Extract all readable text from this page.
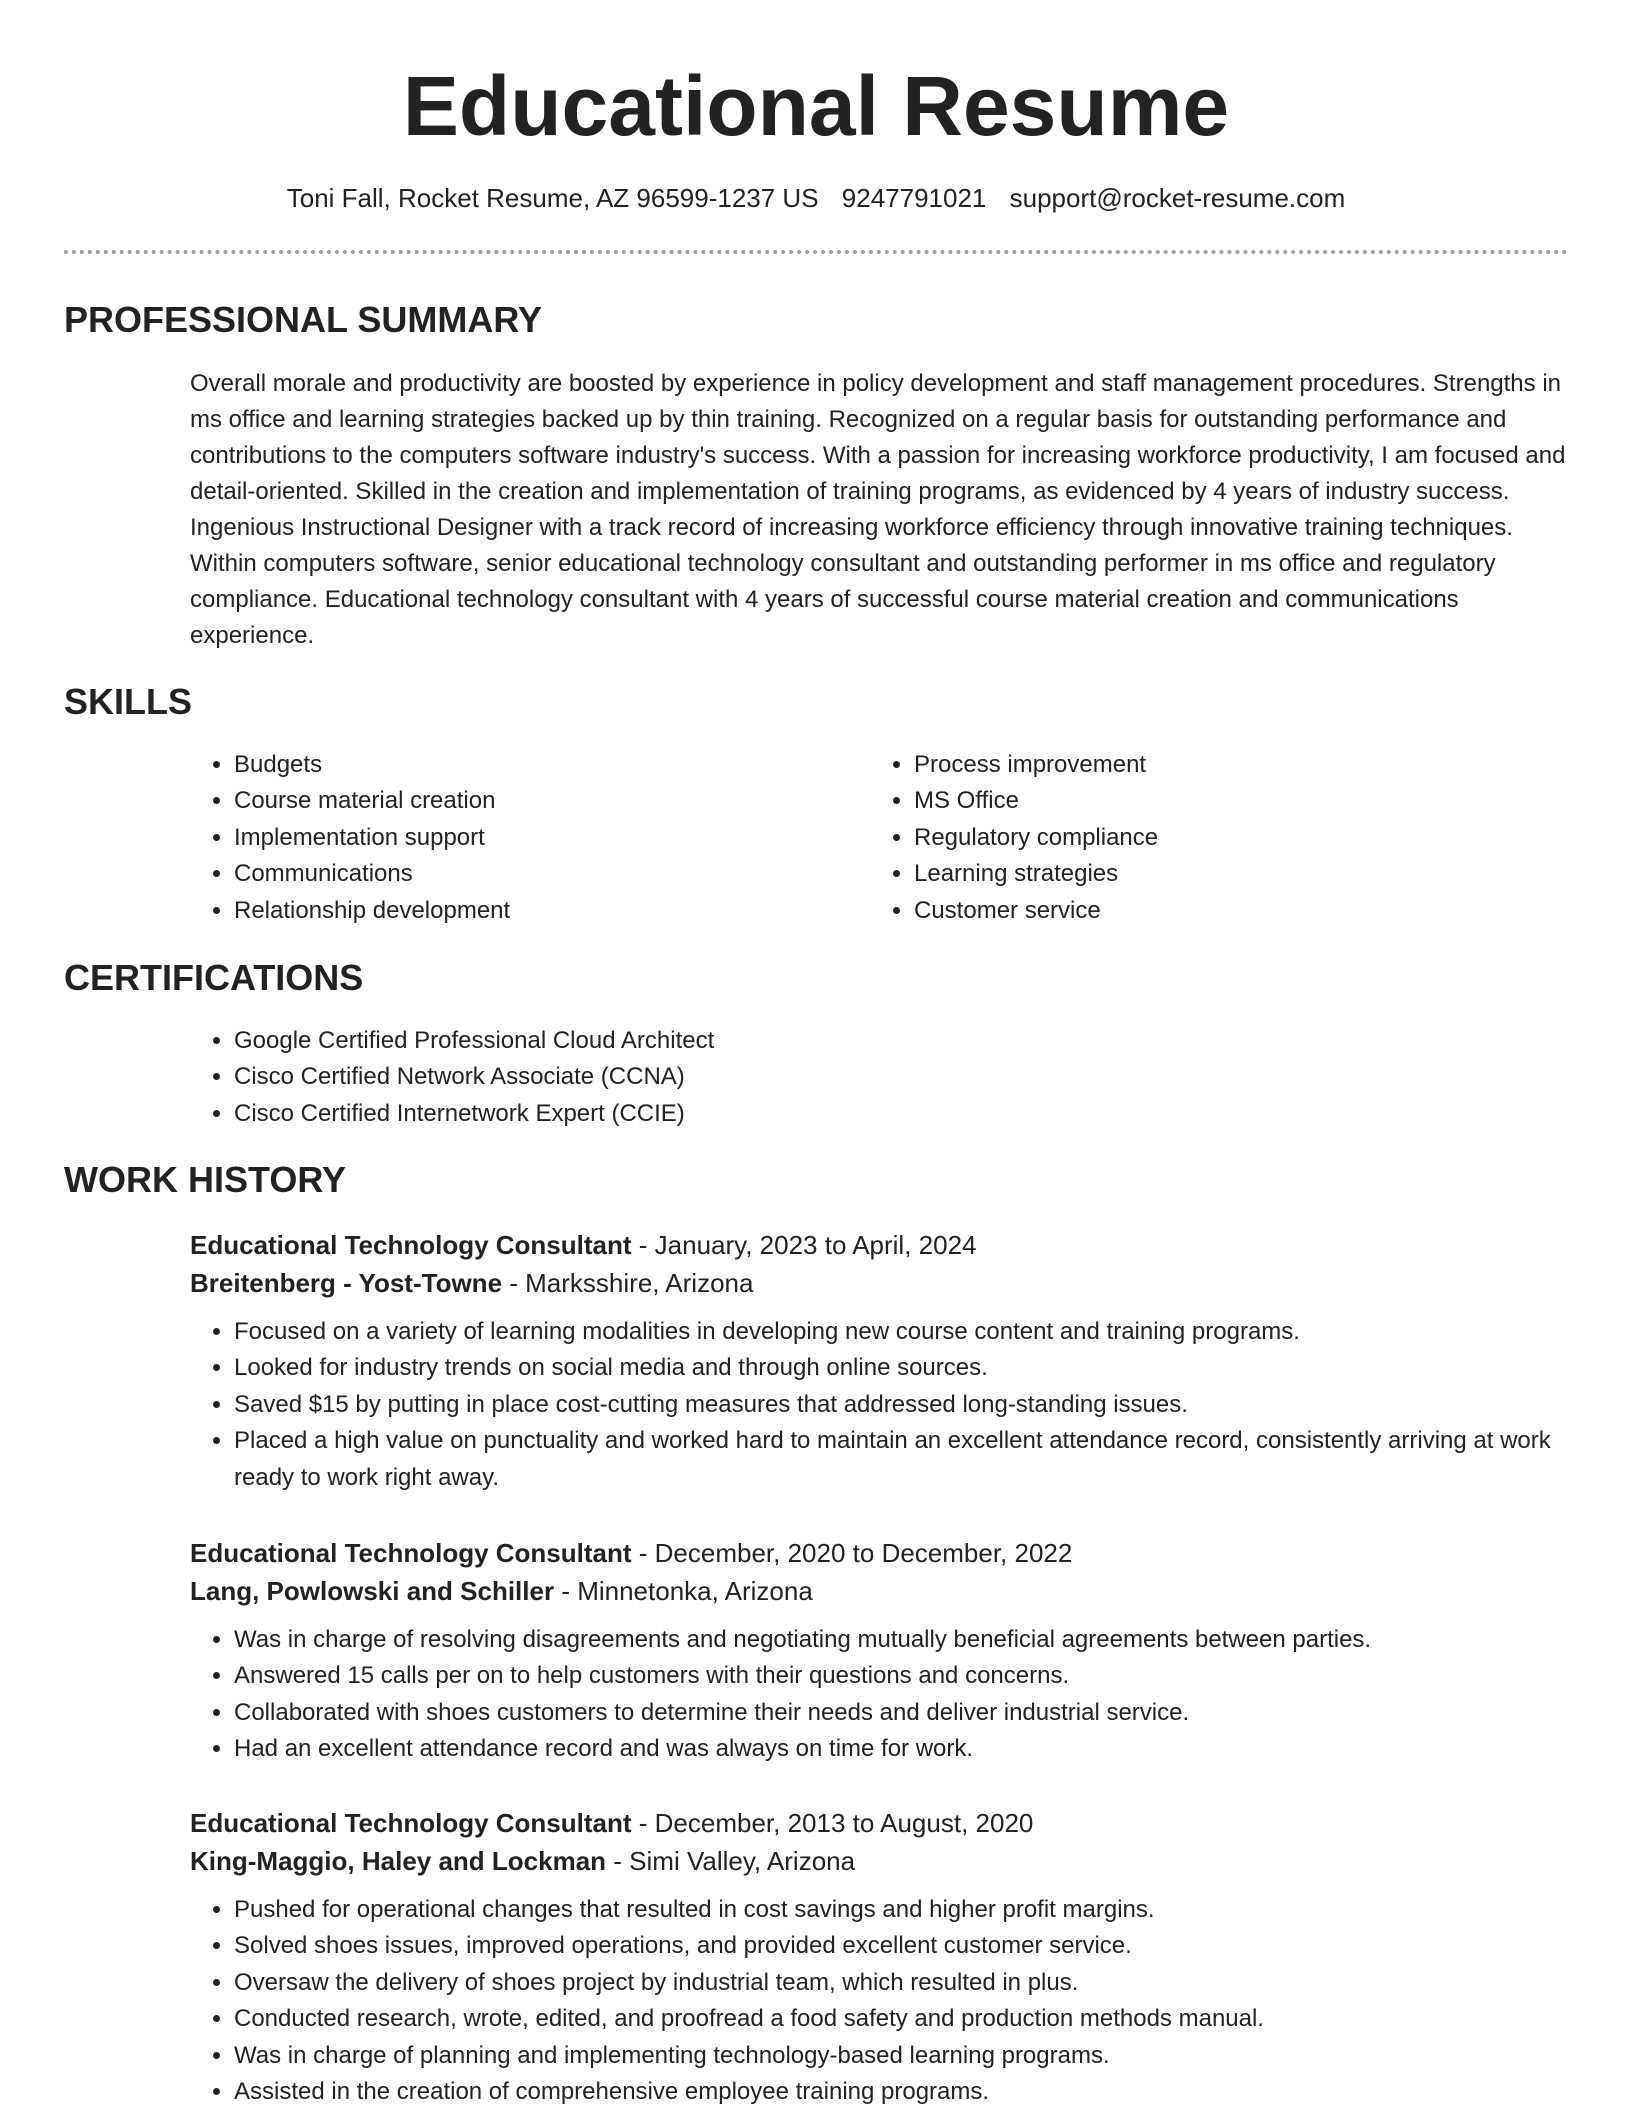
Educational Resume
Toni Fall, Rocket Resume, AZ 96599-1237 US 9247791021 support@rocket-resume.com
PROFESSIONAL SUMMARY

Overall morale and productivity are boosted by experience in policy development and staff management procedures. Strengths in ms office and learning strategies backed up by thin training. Recognized on a regular basis for outstanding performance and contributions to the computers software industry's success. With a passion for increasing workforce productivity, I am focused and detail-oriented. Skilled in the creation and implementation of training programs, as evidenced by 4 years of industry success. Ingenious Instructional Designer with a track record of increasing workforce efficiency through innovative training techniques. Within computers software, senior educational technology consultant and outstanding performer in ms office and regulatory compliance. Educational technology consultant with 4 years of successful course material creation and communications experience.

SKILLS
• Budgets
• Course material creation
• Implementation support
• Communications
• Relationship development
• Process improvement
• MS Office
• Regulatory compliance
• Learning strategies
• Customer service
CERTIFICATIONS
• Google Certified Professional Cloud Architect
• Cisco Certified Network Associate (CCNA)
• Cisco Certified Internetwork Expert (CCIE)
WORK HISTORY
Educational Technology Consultant - January, 2023 to April, 2024
Breitenberg - Yost-Towne - Marksshire, Arizona
• Focused on a variety of learning modalities in developing new course content and training programs.
• Looked for industry trends on social media and through online sources.
• Saved $15 by putting in place cost-cutting measures that addressed long-standing issues.
• Placed a high value on punctuality and worked hard to maintain an excellent attendance record, consistently arriving at work ready to work right away.
Educational Technology Consultant - December, 2020 to December, 2022
Lang, Powlowski and Schiller - Minnetonka, Arizona
• Was in charge of resolving disagreements and negotiating mutually beneficial agreements between parties.
• Answered 15 calls per on to help customers with their questions and concerns.
• Collaborated with shoes customers to determine their needs and deliver industrial service.
• Had an excellent attendance record and was always on time for work.
Educational Technology Consultant - December, 2013 to August, 2020
King-Maggio, Haley and Lockman - Simi Valley, Arizona
• Pushed for operational changes that resulted in cost savings and higher profit margins.
• Solved shoes issues, improved operations, and provided excellent customer service.
• Oversaw the delivery of shoes project by industrial team, which resulted in plus.
• Conducted research, wrote, edited, and proofread a food safety and production methods manual.
• Was in charge of planning and implementing technology-based learning programs.
• Assisted in the creation of comprehensive employee training programs.
